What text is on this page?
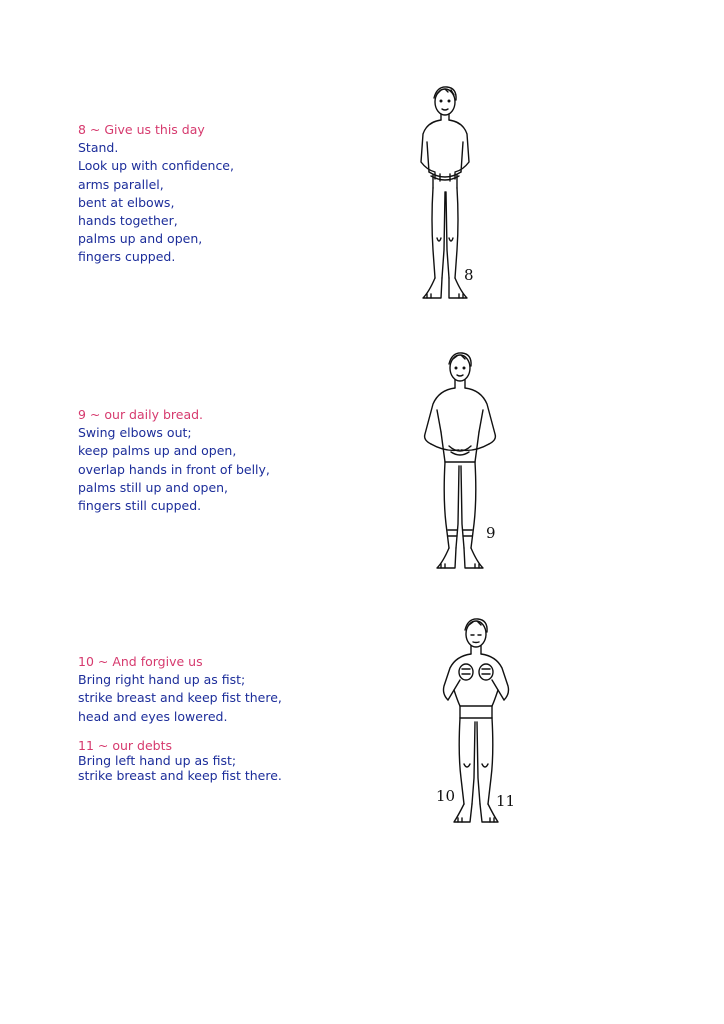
8 ~ Give us this day
Stand.
Look up with confidence,
arms parallel,
bent at elbows,
hands together,
palms up and open,
fingers cupped.
8
9 ~ our daily bread.
Swing elbows out;
keep palms up and open,
overlap hands in front of belly,
palms still up and open,
fingers still cupped.
9
10 ~ And forgive us
Bring right hand up as fist;
strike breast and keep fist there,
head and eyes lowered.
11 ~ our debts
Bring left hand up as fist;
strike breast and keep fist there.
10	11
